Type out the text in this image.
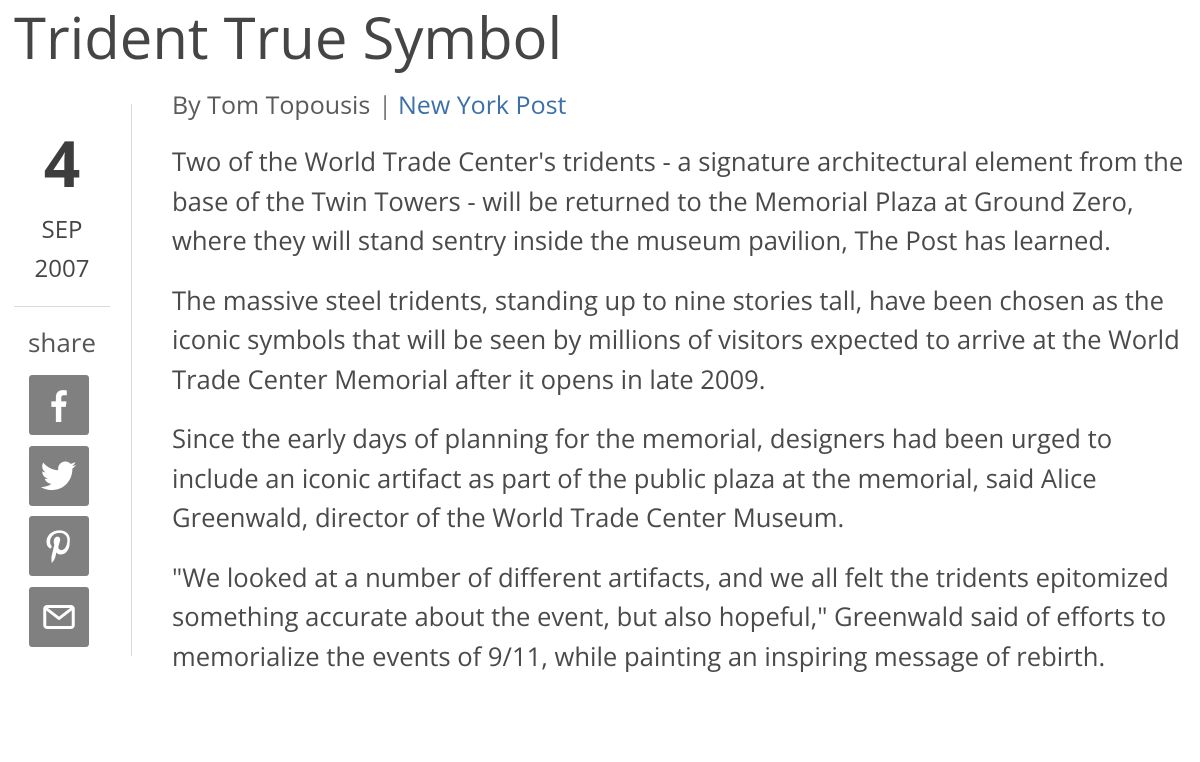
Trident True Symbol
4
SEP
2007
share
By Tom Topousis | New York Post

Two of the World Trade Center's tridents - a signature architectural element from the base of the Twin Towers - will be returned to the Memorial Plaza at Ground Zero, where they will stand sentry inside the museum pavilion, The Post has learned.

The massive steel tridents, standing up to nine stories tall, have been chosen as the iconic symbols that will be seen by millions of visitors expected to arrive at the World Trade Center Memorial after it opens in late 2009.

Since the early days of planning for the memorial, designers had been urged to include an iconic artifact as part of the public plaza at the memorial, said Alice Greenwald, director of the World Trade Center Museum.

"We looked at a number of different artifacts, and we all felt the tridents epitomized something accurate about the event, but also hopeful," Greenwald said of efforts to memorialize the events of 9/11, while painting an inspiring message of rebirth.
